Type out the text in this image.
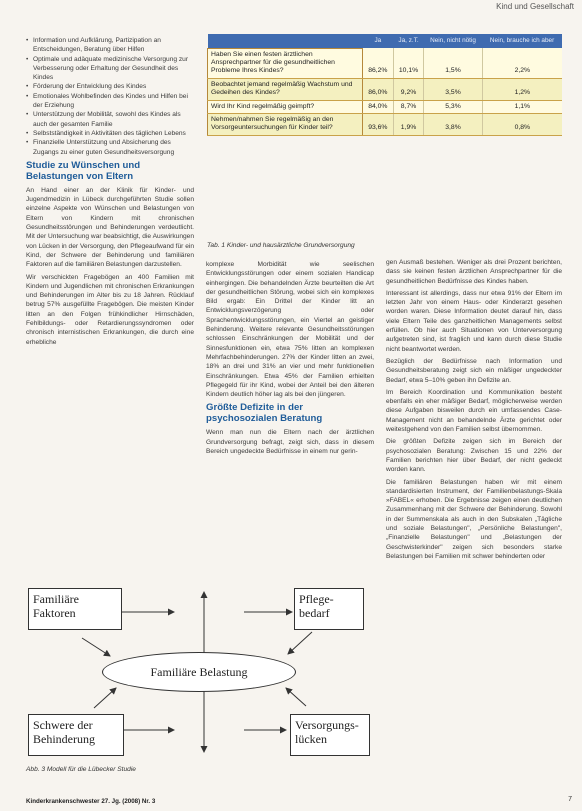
Kind und Gesellschaft
• Information und Aufklärung, Partizipation an Entscheidungen, Beratung über Hilfen
• Optimale und adäquate medizinische Versorgung zur Verbesserung oder Erhaltung der Gesundheit des Kindes
• Förderung der Entwicklung des Kindes
• Emotionales Wohlbefinden des Kindes und Hilfen bei der Erziehung
• Unterstützung der Mobilität, sowohl des Kindes als auch der gesamten Familie
• Selbstständigkeit in Aktivitäten des täglichen Lebens
• Finanzielle Unterstützung und Absicherung des Zugangs zu einer guten Gesundheitsversorgung
Studie zu Wünschen und Belastungen von Eltern

An Hand einer an der Klinik für Kinder- und Jugendmedizin in Lübeck durchgeführten Studie sollen einzelne Aspekte von Wünschen und Belastungen von Eltern von Kindern mit chronischen Gesundheitsstörungen und Behinderungen verdeutlicht. Mit der Untersuchung war beabsichtigt, die Auswirkungen von Lücken in der Versorgung, den Pflegeaufwand für ein Kind, der Schwere der Behinderung und familiären Faktoren auf die familiären Belastungen darzustellen.

Wir verschickten Fragebögen an 400 Familien mit Kindern und Jugendlichen mit chronischen Erkrankungen und Behinderungen im Alter bis zu 18 Jahren. Rücklauf betrug 57% ausgefüllte Fragebögen. Die meisten Kinder litten an den Folgen frühkindlicher Hirnschäden, Fehlbildungs- oder Retardierungssyndromen oder chronisch internistischen Erkrankungen, die durch eine erhebliche

	Ja	Ja, z.T.	Nein, nicht nötig	Nein, brauche ich aber
Haben Sie einen festen ärztlichen Ansprechpartner für die gesundheitlichen Probleme Ihres Kindes?	86,2%	10,1%	1,5%	2,2%
Beobachtet jemand regelmäßig Wachstum und Gedeihen des Kindes?	86,0%	9,2%	3,5%	1,2%
Wird Ihr Kind regelmäßig geimpft?	84,0%	8,7%	5,3%	1,1%
Nehmen/nahmen Sie regelmäßig an den Vorsorgeuntersuchungen für Kinder teil?	93,6%	1,9%	3,8%	0,8%
Tab. 1 Kinder- und hausärztliche Grundversorgung

komplexe Morbidität wie seelischen Entwicklungsstörungen oder einem sozialen Handicap einhergingen. Die behandelnden Ärzte beurteilten die Art der gesundheitlichen Störung, wobei sich ein komplexes Bild ergab: Ein Drittel der Kinder litt an Entwicklungsverzögerung oder Sprachentwicklungsstörungen, ein Viertel an geistiger Behinderung. Weitere relevante Gesundheitsstörungen schlossen Einschränkungen der Mobilität und der Sinnesfunktionen ein, etwa 75% litten an komplexen Mehrfachbehinderungen. 27% der Kinder litten an zwei, 18% an drei und 31% an vier und mehr funktionellen Einschränkungen. Etwa 45% der Familien erhielten Pflegegeld für ihr Kind, wobei der Anteil bei den älteren Kindern deutlich höher lag als bei den jüngeren.

Größte Defizite in der psychosozialen Beratung

Wenn man nun die Eltern nach der ärztlichen Grundversorgung befragt, zeigt sich, dass in diesem Bereich ungedeckte Bedürfnisse in einem nur gerin-

gen Ausmaß bestehen. Weniger als drei Prozent berichten, dass sie keinen festen ärztlichen Ansprechpartner für die gesundheitlichen Bedürfnisse des Kindes haben.

Interessant ist allerdings, dass nur etwa 91% der Eltern im letzten Jahr von einem Haus- oder Kinderarzt gesehen worden waren. Diese Information deutet darauf hin, dass viele Eltern Teile des ganzheitlichen Managements selbst erfüllen. Ob hier auch Situationen von Unterversorgung aufgetreten sind, ist fraglich und kann durch diese Studie nicht beantwortet werden.

Bezüglich der Bedürfnisse nach Information und Gesundheitsberatung zeigt sich ein mäßiger ungedeckter Bedarf, etwa 5–10% geben ihn Defizite an.

Im Bereich Koordination und Kommunikation besteht ebenfalls ein eher mäßiger Bedarf, möglicherweise werden diese Aufgaben bisweilen durch ein umfassendes Case-Management nicht an behandelnde Ärzte gerichtet oder weitestgehend von den Familien selbst übernommen.

Die größten Defizite zeigen sich im Bereich der psychosozialen Beratung: Zwischen 15 und 22% der Familien berichten hier über Bedarf, der nicht gedeckt worden kann.

Die familiären Belastungen haben wir mit einem standardisierten Instrument, der Familienbelastungs-Skala »FABEL« erhoben. Die Ergebnisse zeigen einen deutlichen Zusammenhang mit der Schwere der Behinderung. Sowohl in der Summenskala als auch in den Subskalen „Tägliche und soziale Belastungen", „Persönliche Belastungen", „Finanzielle Belastungen" und „Belastungen der Geschwisterkinder" zeigen sich besonders starke Belastungen bei Familien mit schwer behinderten oder

Familiäre Faktoren
Pflege-bedarf
Familiäre Belastung
Schwere der Behinderung
Versorgungs-lücken
Abb. 3 Modell für die Lübecker Studie
Kinderkrankenschwester 27. Jg. (2008) Nr. 3	7
